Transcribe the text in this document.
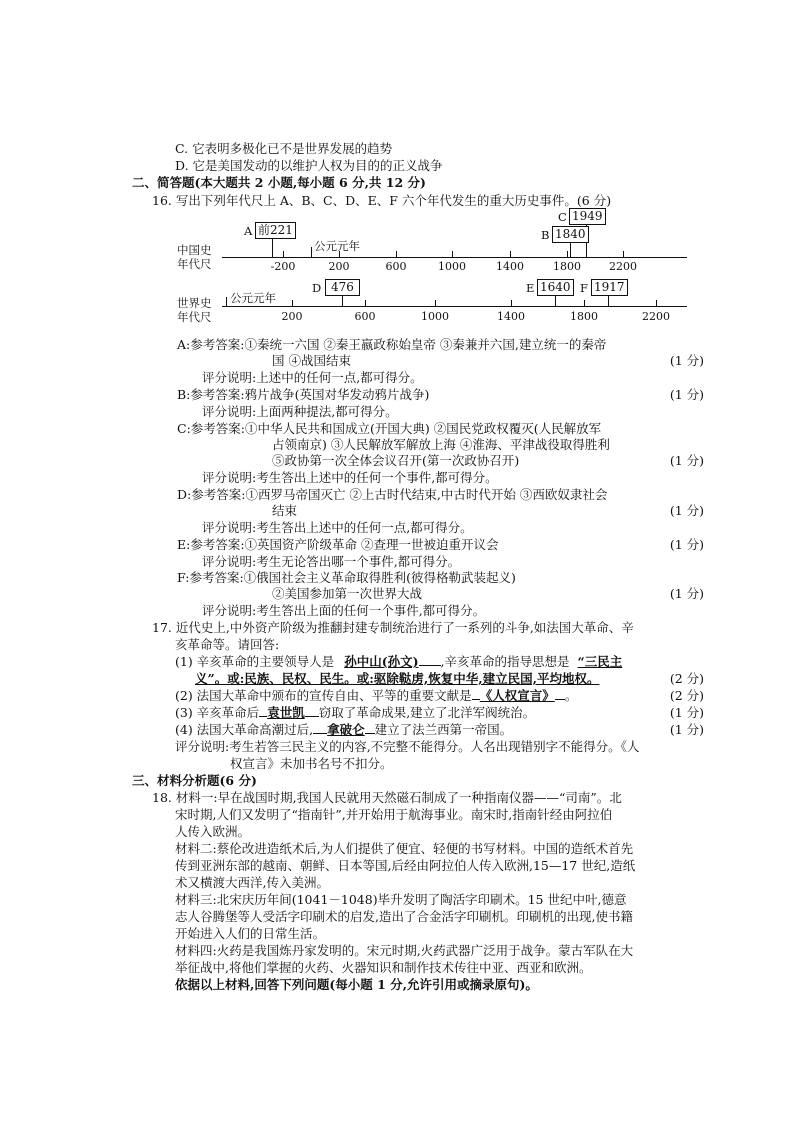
C. 它表明多极化已不是世界发展的趋势
D. 它是美国发动的以维护人权为目的的正义战争
二、简答题(本大题共 2 小题,每小题 6 分,共 12 分)
16. 写出下列年代尺上 A、B、C、D、E、F 六个年代发生的重大历史事件。(6 分)
中国史
年代尺	-200	200	600	1000	1400	1800	2200
公元元年
A 前221
C 1949
B 1840
世界史
年代尺	200	600	1000	1400	1800	2200
公元元年
D 476	E 1640 F 1917
A:参考答案:①秦统一六国 ②秦王嬴政称始皇帝 ③秦兼并六国,建立统一的秦帝
国 ④战国结束	(1 分)
评分说明:上述中的任何一点,都可得分。
B:参考答案:鸦片战争(英国对华发动鸦片战争)	(1 分)
评分说明:上面两种提法,都可得分。
C:参考答案:①中华人民共和国成立(开国大典) ②国民党政权覆灭(人民解放军
占领南京) ③人民解放军解放上海 ④淮海、平津战役取得胜利
⑤政协第一次全体会议召开(第一次政协召开)	(1 分)
评分说明:考生答出上述中的任何一个事件,都可得分。
D:参考答案:①西罗马帝国灭亡 ②上古时代结束,中古时代开始 ③西欧奴隶社会
结束	(1 分)
评分说明:考生答出上述中的任何一点,都可得分。
E:参考答案:①英国资产阶级革命 ②查理一世被迫重开议会	(1 分)
评分说明:考生无论答出哪一个事件,都可得分。
F:参考答案:①俄国社会主义革命取得胜利(彼得格勒武装起义)
②美国参加第一次世界大战	(1 分)
评分说明:考生答出上面的任何一个事件,都可得分。
17. 近代史上,中外资产阶级为推翻封建专制统治进行了一系列的斗争,如法国大革命、辛
亥革命等。请回答:
(1) 辛亥革命的主要领导人是 孙中山(孙文) ,辛亥革命的指导思想是 “三民主
义”。或:民族、民权、民生。或:驱除鞑虏,恢复中华,建立民国,平均地权。	(2 分)
(2) 法国大革命中颁布的宣传自由、平等的重要文献是 《人权宣言》 。	(2 分)
(3) 辛亥革命后 袁世凯 窃取了革命成果,建立了北洋军阀统治。	(1 分)
(4) 法国大革命高潮过后, 拿破仑 建立了法兰西第一帝国。	(1 分)
评分说明:考生若答三民主义的内容,不完整不能得分。人名出现错别字不能得分。《人
权宣言》未加书名号不扣分。
三、材料分析题(6 分)
18. 材料一:早在战国时期,我国人民就用天然磁石制成了一种指南仪器——“司南”。北
宋时期,人们又发明了“指南针”,并开始用于航海事业。南宋时,指南针经由阿拉伯
人传入欧洲。
材料二:蔡伦改进造纸术后,为人们提供了便宜、轻便的书写材料。中国的造纸术首先
传到亚洲东部的越南、朝鲜、日本等国,后经由阿拉伯人传入欧洲,15—17 世纪,造纸
术又横渡大西洋,传入美洲。
材料三:北宋庆历年间(1041－1048)毕升发明了陶活字印刷术。15 世纪中叶,德意
志人谷腾堡等人受活字印刷术的启发,造出了合金活字印刷机。印刷机的出现,使书籍
开始进入人们的日常生活。
材料四:火药是我国炼丹家发明的。宋元时期,火药武器广泛用于战争。蒙古军队在大
举征战中,将他们掌握的火药、火器知识和制作技术传往中亚、西亚和欧洲。
依据以上材料,回答下列问题(每小题 1 分,允许引用或摘录原句)。
